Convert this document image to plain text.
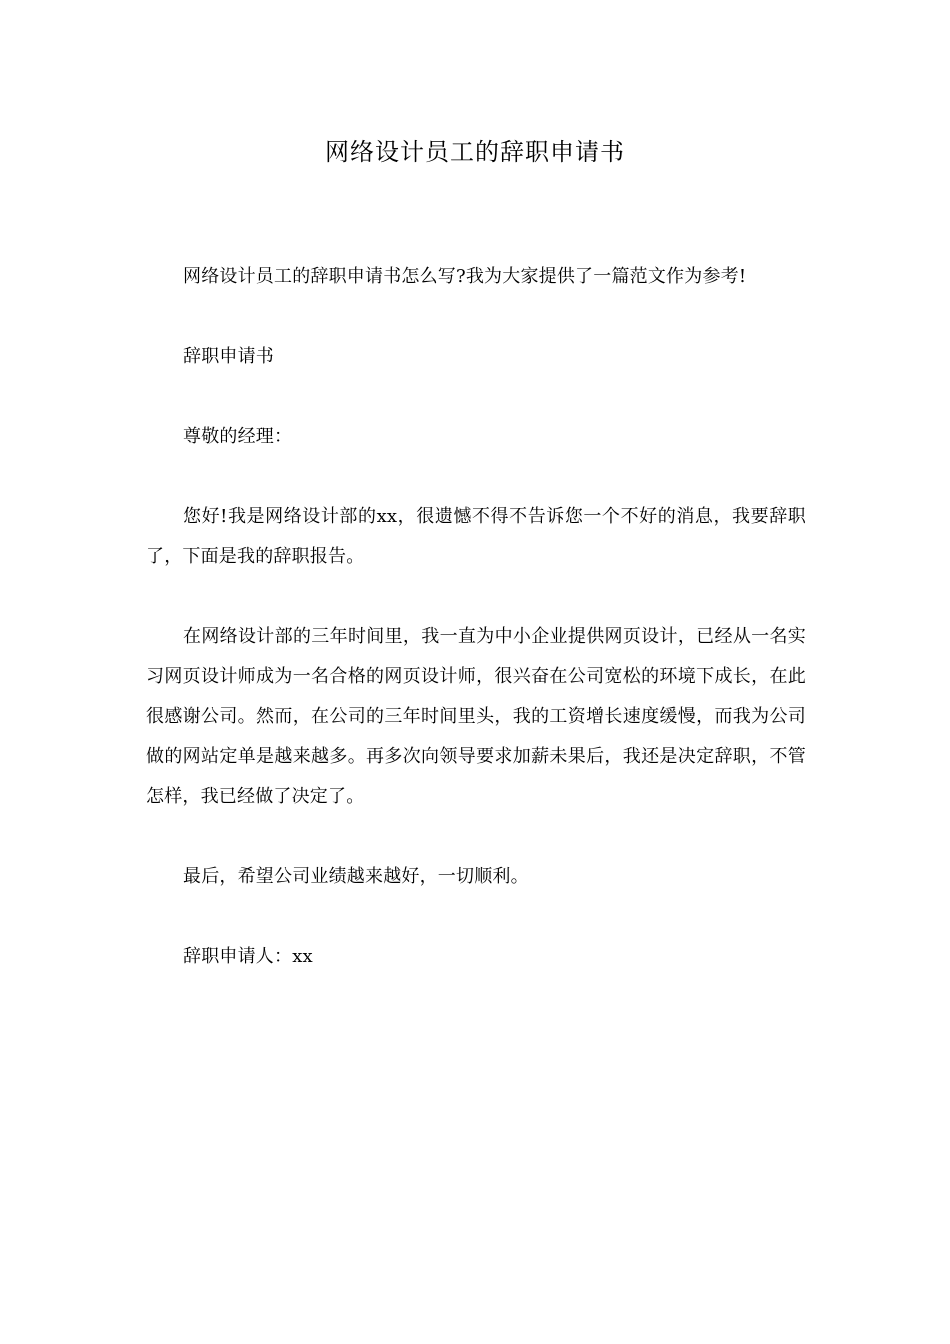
网络设计员工的辞职申请书

网络设计员工的辞职申请书怎么写?我为大家提供了一篇范文作为参考!

辞职申请书

尊敬的经理：

您好!我是网络设计部的xx，很遗憾不得不告诉您一个不好的消息，我要辞职了，下面是我的辞职报告。

在网络设计部的三年时间里，我一直为中小企业提供网页设计，已经从一名实习网页设计师成为一名合格的网页设计师，很兴奋在公司宽松的环境下成长，在此很感谢公司。然而，在公司的三年时间里头，我的工资增长速度缓慢，而我为公司做的网站定单是越来越多。再多次向领导要求加薪未果后，我还是决定辞职，不管怎样，我已经做了决定了。

最后，希望公司业绩越来越好，一切顺利。

辞职申请人：xx
